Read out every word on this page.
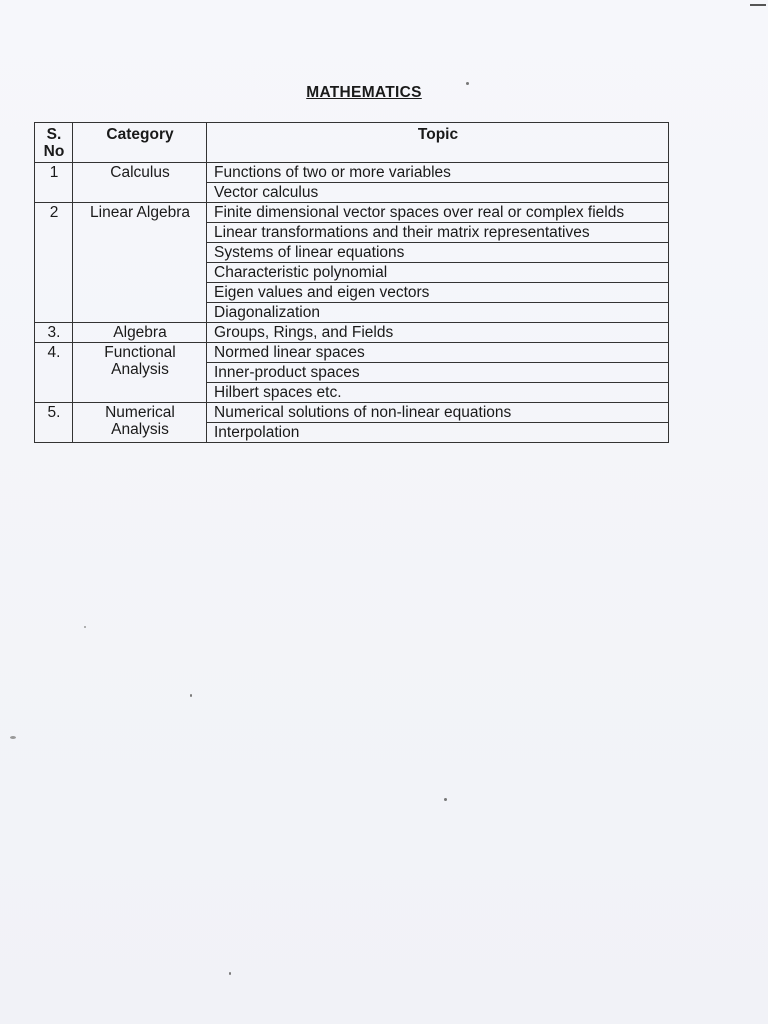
MATHEMATICS
S. No	Category	Topic
1	Calculus	Functions of two or more variables
		Vector calculus
2	Linear Algebra	Finite dimensional vector spaces over real or complex fields
		Linear transformations and their matrix representatives
		Systems of linear equations
		Characteristic polynomial
		Eigen values and eigen vectors
		Diagonalization
3.	Algebra	Groups, Rings, and Fields
4.	Functional Analysis	Normed linear spaces
		Inner-product spaces
		Hilbert spaces etc.
5.	Numerical Analysis	Numerical solutions of non-linear equations
		Interpolation
